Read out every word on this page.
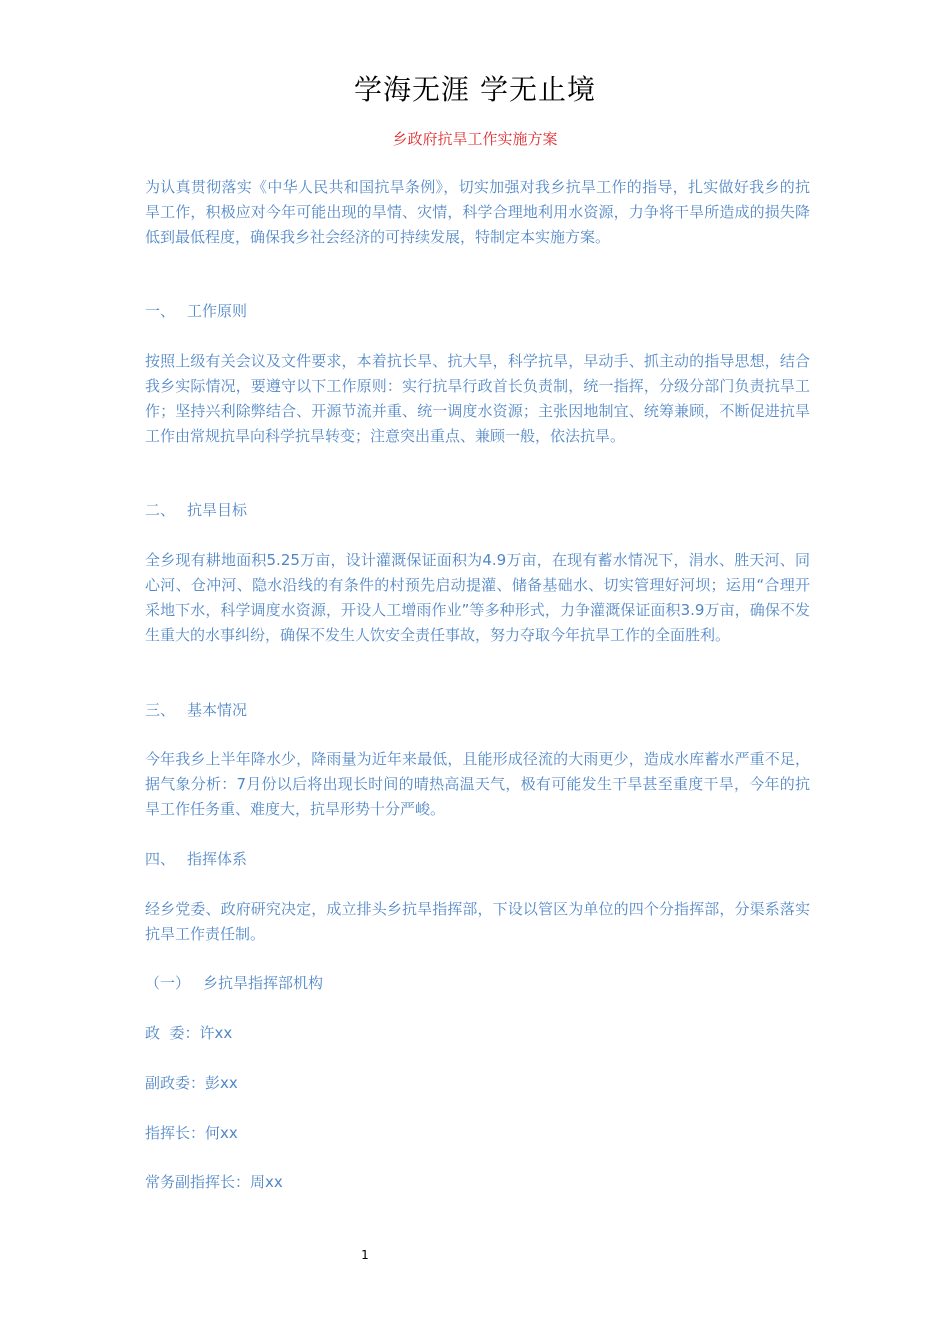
学海无涯 学无止境
乡政府抗旱工作实施方案

为认真贯彻落实《中华人民共和国抗旱条例》，切实加强对我乡抗旱工作的指导，扎实做好我乡的抗旱工作，积极应对今年可能出现的旱情、灾情，科学合理地利用水资源，力争将干旱所造成的损失降低到最低程度，确保我乡社会经济的可持续发展，特制定本实施方案。

一、 工作原则

按照上级有关会议及文件要求，本着抗长旱、抗大旱，科学抗旱，早动手、抓主动的指导思想，结合我乡实际情况，要遵守以下工作原则：实行抗旱行政首长负责制，统一指挥，分级分部门负责抗旱工作；坚持兴利除弊结合、开源节流并重、统一调度水资源；主张因地制宜、统筹兼顾，不断促进抗旱工作由常规抗旱向科学抗旱转变；注意突出重点、兼顾一般，依法抗旱。

二、 抗旱目标

全乡现有耕地面积5.25万亩，设计灌溉保证面积为4.9万亩，在现有蓄水情况下，涓水、胜天河、同心河、仓冲河、隐水沿线的有条件的村预先启动提灌、储备基础水、切实管理好河坝；运用“合理开采地下水，科学调度水资源，开设人工增雨作业”等多种形式，力争灌溉保证面积3.9万亩，确保不发生重大的水事纠纷，确保不发生人饮安全责任事故，努力夺取今年抗旱工作的全面胜利。

三、 基本情况

今年我乡上半年降水少，降雨量为近年来最低，且能形成径流的大雨更少，造成水库蓄水严重不足，据气象分析：7月份以后将出现长时间的晴热高温天气，极有可能发生干旱甚至重度干旱，今年的抗旱工作任务重、难度大，抗旱形势十分严峻。

四、 指挥体系

经乡党委、政府研究决定，成立排头乡抗旱指挥部，下设以管区为单位的四个分指挥部，分渠系落实抗旱工作责任制。

（一） 乡抗旱指挥部机构
政  委：许xx
副政委：彭xx
指挥长：何xx
常务副指挥长：周xx
1
